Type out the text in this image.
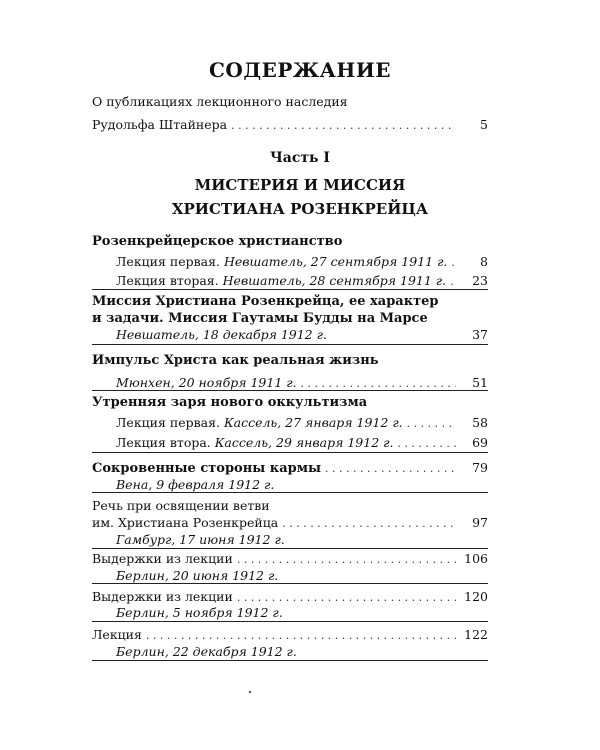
СОДЕРЖАНИЕ
О публикациях лекционного наследия
Рудольфа Штайнера . . .	5
Часть I
МИСТЕРИЯ И МИССИЯ
ХРИСТИАНА РОЗЕНКРЕЙЦА
Розенкрейцерское христианство
Лекция первая. Невшатель, 27 сентября 1911 г. . . .	8
Лекция вторая. Невшатель, 28 сентября 1911 г. . . .	23
Миссия Христиана Розенкрейца, ее характер
и задачи. Миссия Гаутамы Будды на Марсе
Невшатель, 18 декабря 1912 г.	37
Импульс Христа как реальная жизнь
Мюнхен, 20 ноября 1911 г. . . .	51
Утренняя заря нового оккультизма
Лекция первая. Кассель, 27 января 1912 г. . . .	58
Лекция втора. Кассель, 29 января 1912 г. . . .	69
Сокровенные стороны кармы . . .	79
Вена, 9 февраля 1912 г.
Речь при освящении ветви
им. Христиана Розенкрейца . . .	97
Гамбург, 17 июня 1912 г.
Выдержки из лекции . . .	106
Берлин, 20 июня 1912 г.
Выдержки из лекции . . .	120
Берлин, 5 ноября 1912 г.
Лекция . . .	122
Берлин, 22 декабря 1912 г.
